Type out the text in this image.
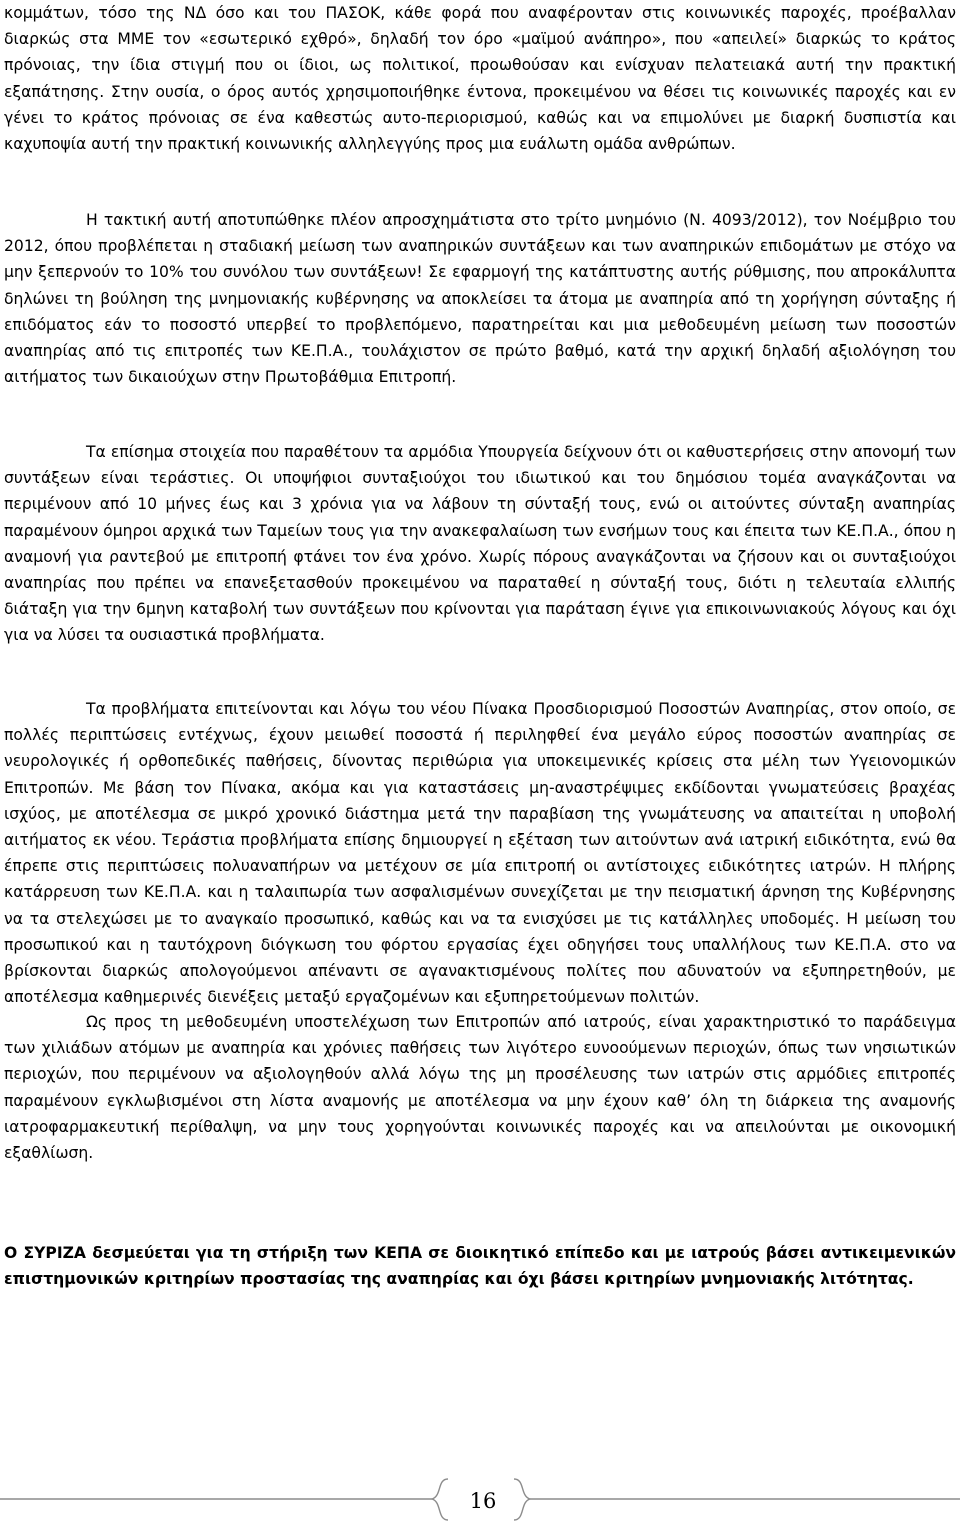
κομμάτων, τόσο της ΝΔ όσο και του ΠΑΣΟΚ, κάθε φορά που αναφέρονταν στις κοινωνικές παροχές, προέβαλλαν διαρκώς στα ΜΜΕ τον «εσωτερικό εχθρό», δηλαδή τον όρο «μαϊμού ανάπηρο», που «απειλεί» διαρκώς το κράτος πρόνοιας, την ίδια στιγμή που οι ίδιοι, ως πολιτικοί, προωθούσαν και ενίσχυαν πελατειακά αυτή την πρακτική εξαπάτησης. Στην ουσία, ο όρος αυτός χρησιμοποιήθηκε έντονα, προκειμένου να θέσει τις κοινωνικές παροχές και εν γένει το κράτος πρόνοιας σε ένα καθεστώς αυτο-περιορισμού, καθώς και να επιμολύνει με διαρκή δυσπιστία και καχυποψία αυτή την πρακτική κοινωνικής αλληλεγγύης προς μια ευάλωτη ομάδα ανθρώπων.

Η τακτική αυτή αποτυπώθηκε πλέον απροσχημάτιστα στο τρίτο μνημόνιο (Ν. 4093/2012), τον Νοέμβριο του 2012, όπου προβλέπεται η σταδιακή μείωση των αναπηρικών συντάξεων και των αναπηρικών επιδομάτων με στόχο να μην ξεπερνούν το 10% του συνόλου των συντάξεων! Σε εφαρμογή της κατάπτυστης αυτής ρύθμισης, που απροκάλυπτα δηλώνει τη βούληση της μνημονιακής κυβέρνησης να αποκλείσει τα άτομα με αναπηρία από τη χορήγηση σύνταξης ή επιδόματος εάν το ποσοστό υπερβεί το προβλεπόμενο, παρατηρείται και μια μεθοδευμένη μείωση των ποσοστών αναπηρίας από τις επιτροπές των ΚΕ.Π.Α., τουλάχιστον σε πρώτο βαθμό, κατά την αρχική δηλαδή αξιολόγηση του αιτήματος των δικαιούχων στην Πρωτοβάθμια Επιτροπή.

Τα επίσημα στοιχεία που παραθέτουν τα αρμόδια Υπουργεία δείχνουν ότι οι καθυστερήσεις στην απονομή των συντάξεων είναι τεράστιες. Οι υποψήφιοι συνταξιούχοι του ιδιωτικού και του δημόσιου τομέα αναγκάζονται να περιμένουν από 10 μήνες έως και 3 χρόνια για να λάβουν τη σύνταξή τους, ενώ οι αιτούντες σύνταξη αναπηρίας παραμένουν όμηροι αρχικά των Ταμείων τους για την ανακεφαλαίωση των ενσήμων τους και έπειτα των ΚΕ.Π.Α., όπου η αναμονή για ραντεβού με επιτροπή φτάνει τον ένα χρόνο. Χωρίς πόρους αναγκάζονται να ζήσουν και οι συνταξιούχοι αναπηρίας που πρέπει να επανεξετασθούν προκειμένου να παραταθεί η σύνταξή τους, διότι η τελευταία ελλιπής διάταξη για την 6μηνη καταβολή των συντάξεων που κρίνονται για παράταση έγινε για επικοινωνιακούς λόγους και όχι για να λύσει τα ουσιαστικά προβλήματα.

Τα προβλήματα επιτείνονται και λόγω του νέου Πίνακα Προσδιορισμού Ποσοστών Αναπηρίας, στον οποίο, σε πολλές περιπτώσεις εντέχνως, έχουν μειωθεί ποσοστά ή περιληφθεί ένα μεγάλο εύρος ποσοστών αναπηρίας σε νευρολογικές ή ορθοπεδικές παθήσεις, δίνοντας περιθώρια για υποκειμενικές κρίσεις στα μέλη των Υγειονομικών Επιτροπών. Με βάση τον Πίνακα, ακόμα και για καταστάσεις μη-αναστρέψιμες εκδίδονται γνωματεύσεις βραχέας ισχύος, με αποτέλεσμα σε μικρό χρονικό διάστημα μετά την παραβίαση της γνωμάτευσης να απαιτείται η υποβολή αιτήματος εκ νέου. Τεράστια προβλήματα επίσης δημιουργεί η εξέταση των αιτούντων ανά ιατρική ειδικότητα, ενώ θα έπρεπε στις περιπτώσεις πολυαναπήρων να μετέχουν σε μία επιτροπή οι αντίστοιχες ειδικότητες ιατρών. Η πλήρης κατάρρευση των ΚΕ.Π.Α. και η ταλαιπωρία των ασφαλισμένων συνεχίζεται με την πεισματική άρνηση της Κυβέρνησης να τα στελεχώσει με το αναγκαίο προσωπικό, καθώς και να τα ενισχύσει με τις κατάλληλες υποδομές. Η μείωση του προσωπικού και η ταυτόχρονη διόγκωση του φόρτου εργασίας έχει οδηγήσει τους υπαλλήλους των ΚΕ.Π.Α. στο να βρίσκονται διαρκώς απολογούμενοι απέναντι σε αγανακτισμένους πολίτες που αδυνατούν να εξυπηρετηθούν, με αποτέλεσμα καθημερινές διενέξεις μεταξύ εργαζομένων και εξυπηρετούμενων πολιτών.

Ως προς τη μεθοδευμένη υποστελέχωση των Επιτροπών από ιατρούς, είναι χαρακτηριστικό το παράδειγμα των χιλιάδων ατόμων με αναπηρία και χρόνιες παθήσεις των λιγότερο ευνοούμενων περιοχών, όπως των νησιωτικών περιοχών, που περιμένουν να αξιολογηθούν αλλά λόγω της μη προσέλευσης των ιατρών στις αρμόδιες επιτροπές παραμένουν εγκλωβισμένοι στη λίστα αναμονής με αποτέλεσμα να μην έχουν καθ’ όλη τη διάρκεια της αναμονής ιατροφαρμακευτική περίθαλψη, να μην τους χορηγούνται κοινωνικές παροχές και να απειλούνται με οικονομική εξαθλίωση.

Ο ΣΥΡΙΖΑ δεσμεύεται για τη στήριξη των ΚΕΠΑ σε διοικητικό επίπεδο και με ιατρούς βάσει αντικειμενικών επιστημονικών κριτηρίων προστασίας της αναπηρίας και όχι βάσει κριτηρίων μνημονιακής λιτότητας.

16
